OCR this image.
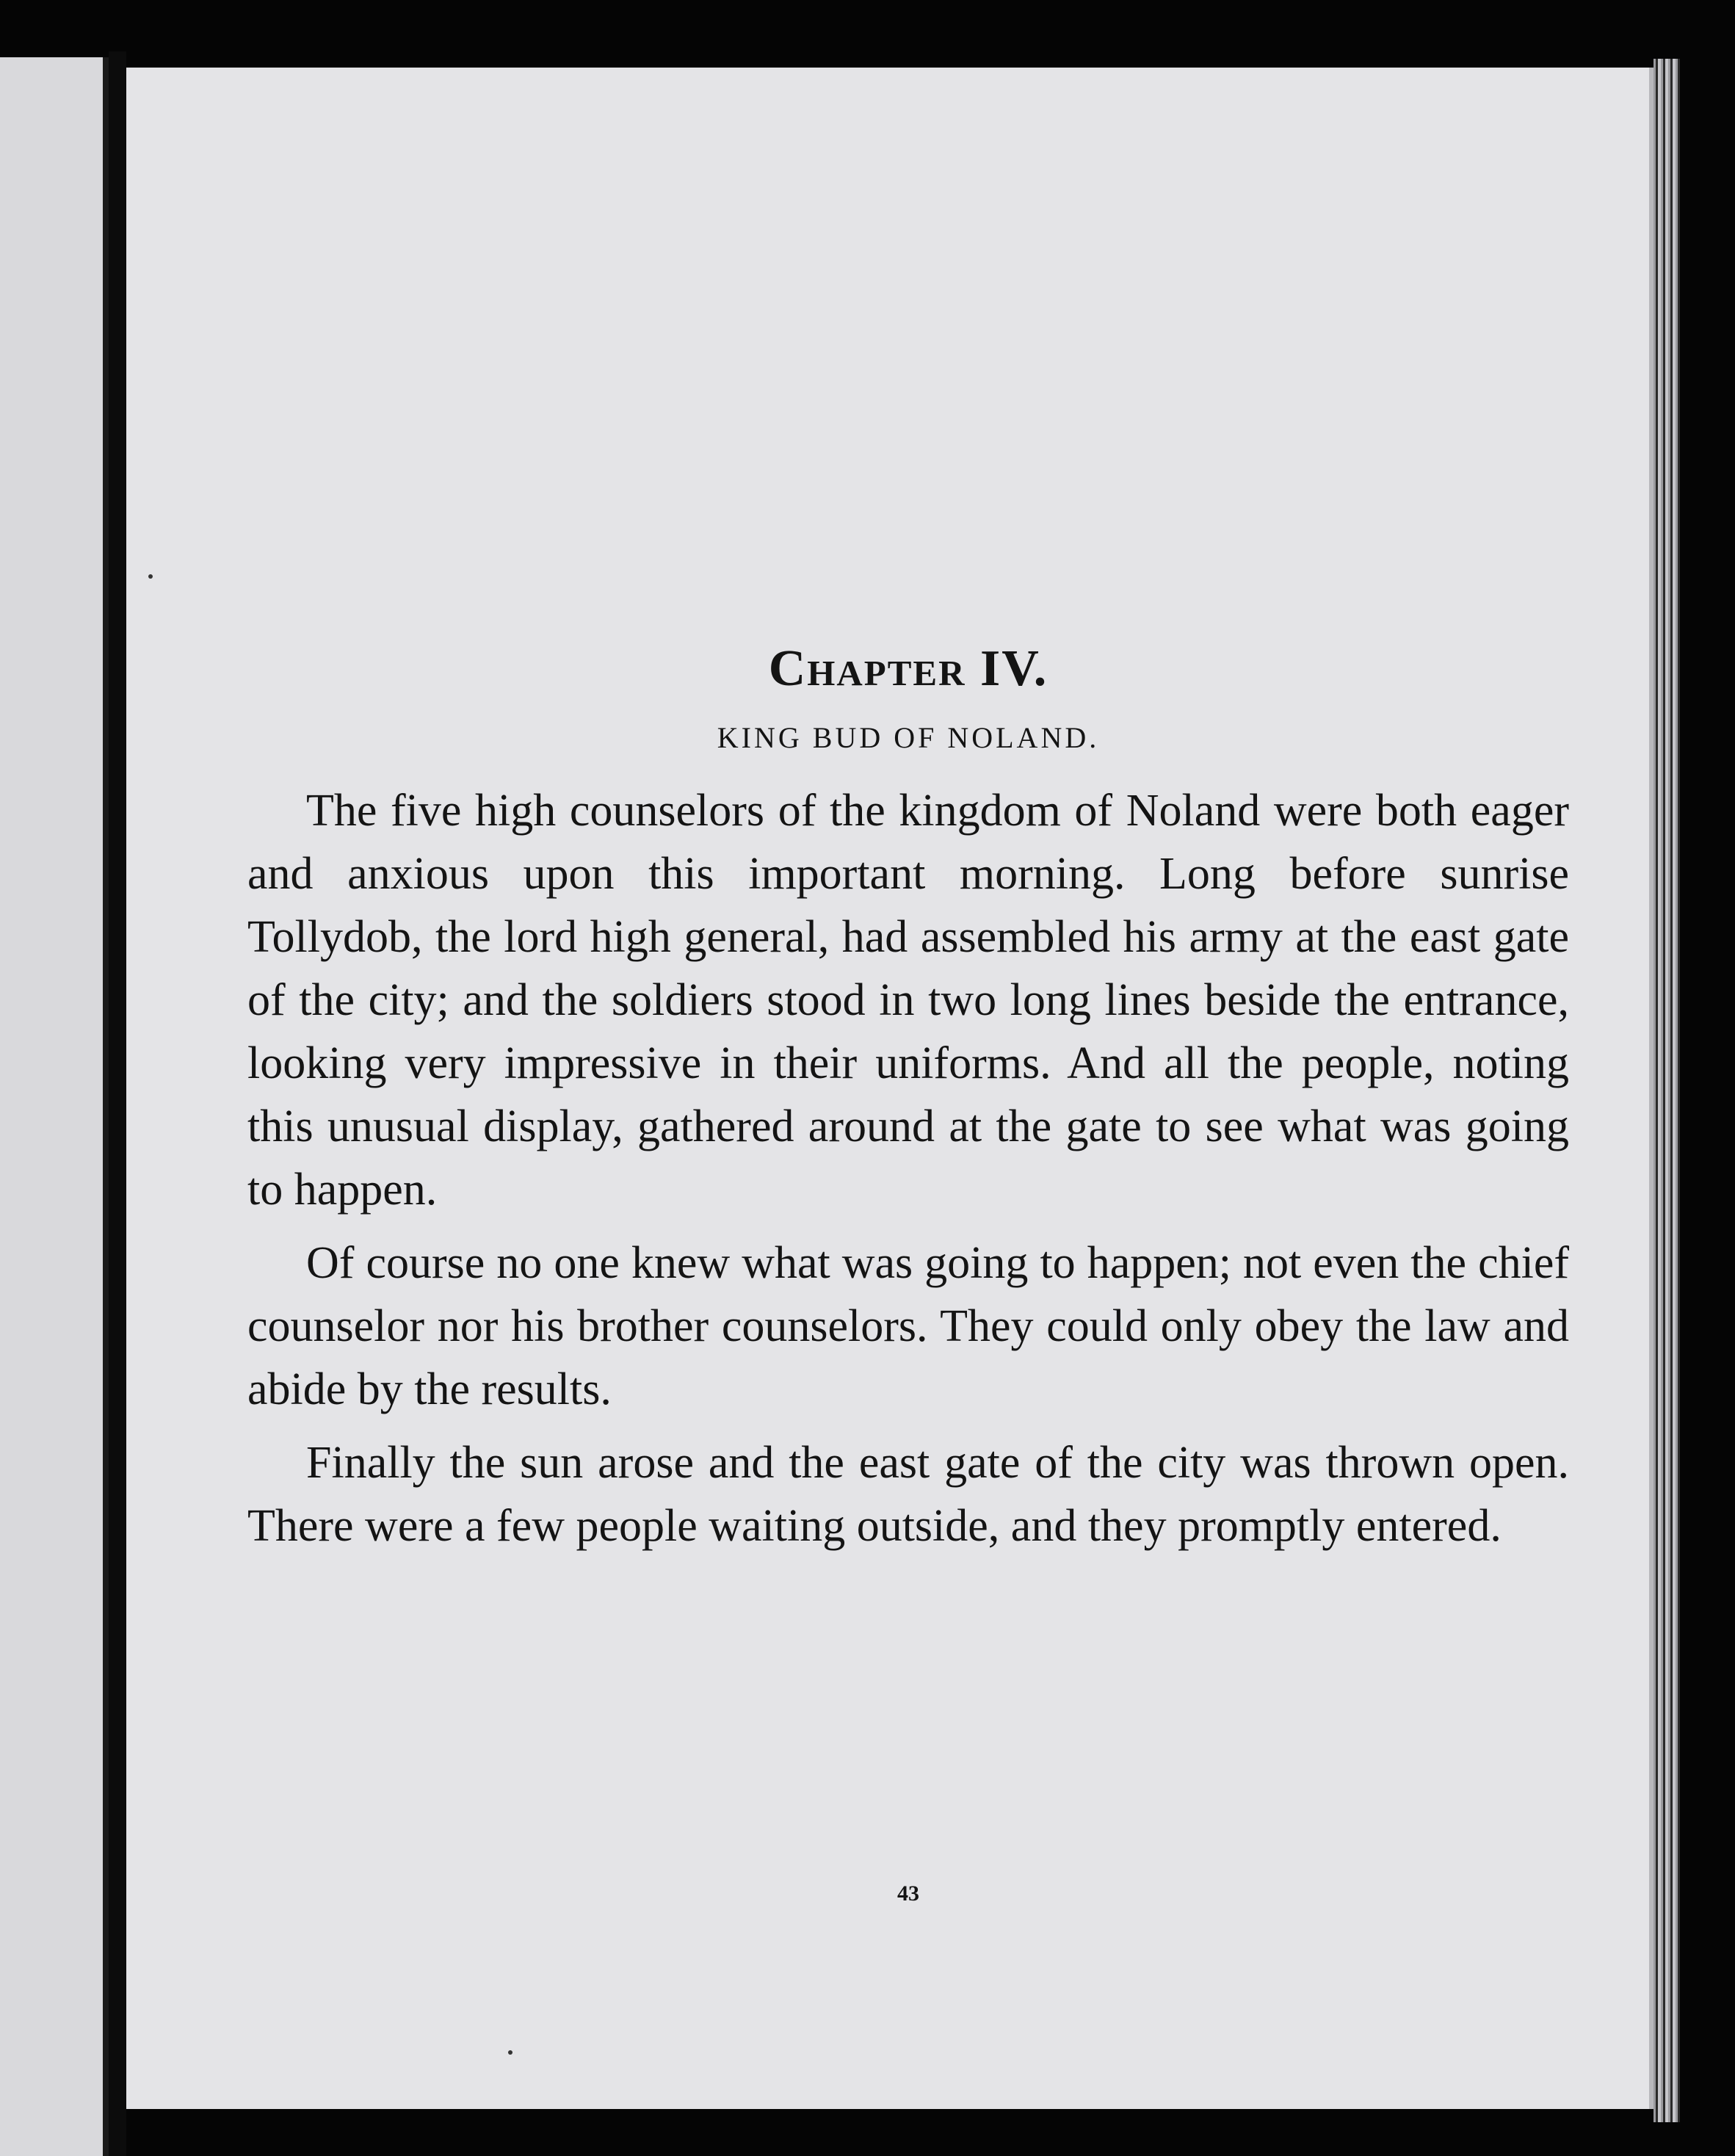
Chapter IV.
KING BUD OF NOLAND.

The five high counselors of the kingdom of Noland were both eager and anxious upon this important morning. Long before sunrise Tollydob, the lord high general, had assembled his army at the east gate of the city; and the soldiers stood in two long lines beside the entrance, looking very impressive in their uniforms. And all the people, noting this unusual display, gathered around at the gate to see what was going to happen.

Of course no one knew what was going to happen; not even the chief counselor nor his brother counselors. They could only obey the law and abide by the results.

Finally the sun arose and the east gate of the city was thrown open. There were a few people waiting outside, and they promptly entered.

43
